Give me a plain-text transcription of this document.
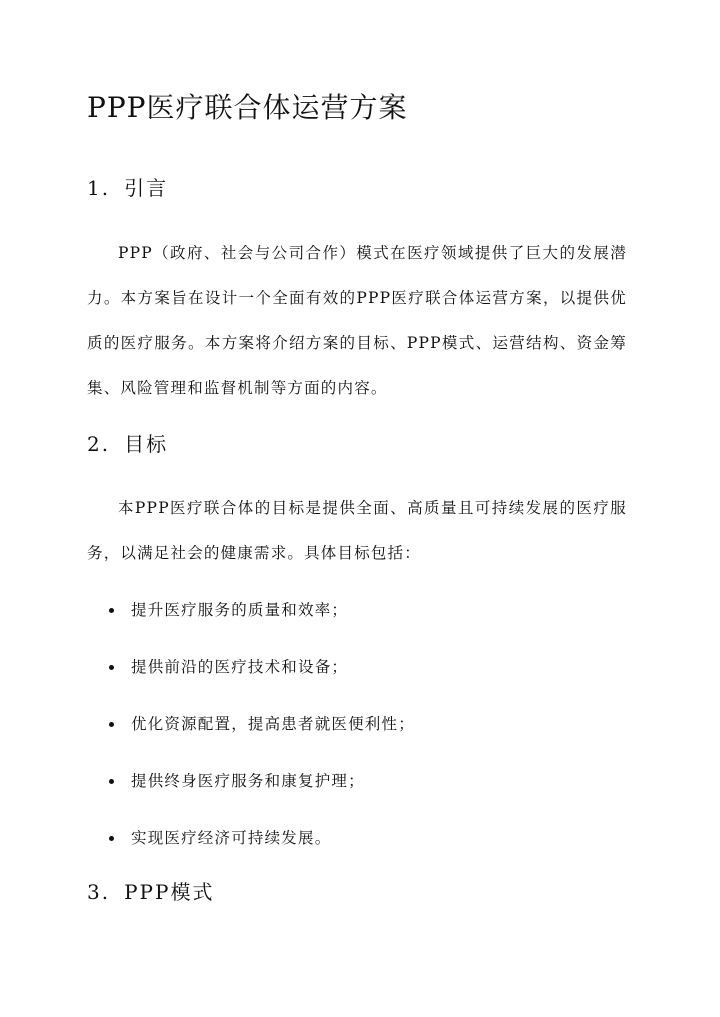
PPP医疗联合体运营方案
1. 引言

PPP（政府、社会与公司合作）模式在医疗领域提供了巨大的发展潜力。本方案旨在设计一个全面有效的PPP医疗联合体运营方案，以提供优质的医疗服务。本方案将介绍方案的目标、PPP模式、运营结构、资金筹集、风险管理和监督机制等方面的内容。

2. 目标

本PPP医疗联合体的目标是提供全面、高质量且可持续发展的医疗服务，以满足社会的健康需求。具体目标包括：

提升医疗服务的质量和效率；
提供前沿的医疗技术和设备；
优化资源配置，提高患者就医便利性；
提供终身医疗服务和康复护理；
实现医疗经济可持续发展。
3. PPP模式
